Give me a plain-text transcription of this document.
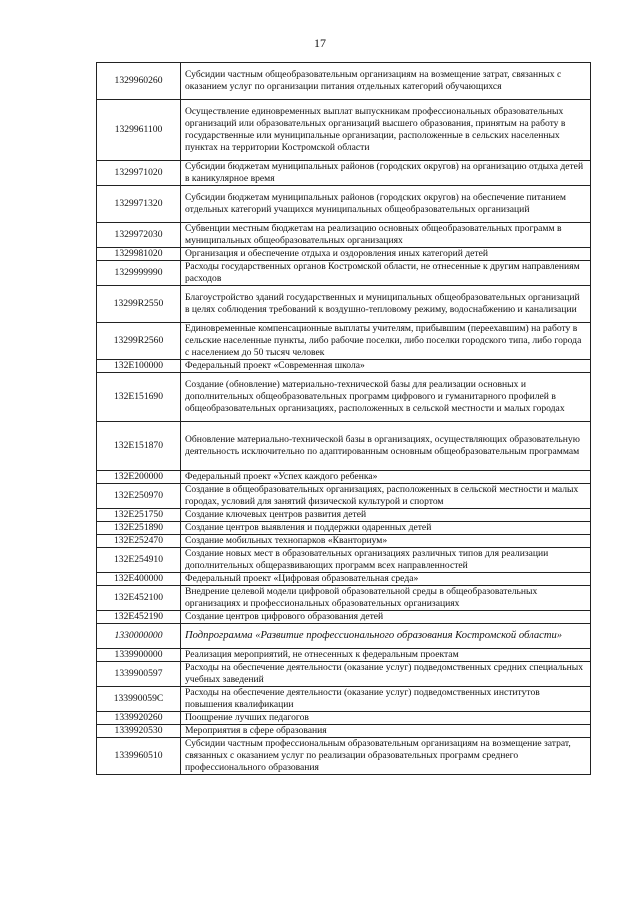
17
1329960260	Субсидии частным общеобразовательным организациям на возмещение затрат, связанных с оказанием услуг по организации питания отдельных категорий обучающихся
1329961100	Осуществление единовременных выплат выпускникам профессиональных образовательных организаций или образовательных организаций высшего образования, принятым на работу в государственные или муниципальные организации, расположенные в сельских населенных пунктах на территории Костромской области
1329971020	Субсидии бюджетам муниципальных районов (городских округов) на организацию отдыха детей в каникулярное время
1329971320	Субсидии бюджетам муниципальных районов (городских округов) на обеспечение питанием отдельных категорий учащихся муниципальных общеобразовательных организаций
1329972030	Субвенции местным бюджетам на реализацию основных общеобразовательных программ в муниципальных общеобразовательных организациях
1329981020	Организация и обеспечение отдыха и оздоровления иных категорий детей
1329999990	Расходы государственных органов Костромской области, не отнесенные к другим направлениям расходов
13299R2550	Благоустройство зданий государственных и муниципальных общеобразовательных организаций в целях соблюдения требований к воздушно-тепловому режиму, водоснабжению и канализации
13299R2560	Единовременные компенсационные выплаты учителям, прибывшим (переехавшим) на работу в сельские населенные пункты, либо рабочие поселки, либо поселки городского типа, либо города с населением до 50 тысяч человек
132E100000	Федеральный проект «Современная школа»
132E151690	Создание (обновление) материально-технической базы для реализации основных и дополнительных общеобразовательных программ цифрового и гуманитарного профилей в общеобразовательных организациях, расположенных в сельской местности и малых городах
132E151870	Обновление материально-технической базы в организациях, осуществляющих образовательную деятельность исключительно по адаптированным основным общеобразовательным программам
132E200000	Федеральный проект «Успех каждого ребенка»
132E250970	Создание в общеобразовательных организациях, расположенных в сельской местности и малых городах, условий для занятий физической культурой и спортом
132E251750	Создание ключевых центров развития детей
132E251890	Создание центров выявления и поддержки одаренных детей
132E252470	Создание мобильных технопарков «Кванториум»
132E254910	Создание новых мест в образовательных организациях различных типов для реализации дополнительных общеразвивающих программ всех направленностей
132E400000	Федеральный проект «Цифровая образовательная среда»
132E452100	Внедрение целевой модели цифровой образовательной среды в общеобразовательных организациях и профессиональных образовательных организациях
132E452190	Создание центров цифрового образования детей
1330000000	Подпрограмма «Развитие профессионального образования Костромской области»
1339900000	Реализация мероприятий, не отнесенных к федеральным проектам
1339900597	Расходы на обеспечение деятельности (оказание услуг) подведомственных средних специальных учебных заведений
133990059C	Расходы на обеспечение деятельности (оказание услуг) подведомственных институтов повышения квалификации
1339920260	Поощрение лучших педагогов
1339920530	Мероприятия в сфере образования
1339960510	Субсидии частным профессиональным образовательным организациям на возмещение затрат, связанных с оказанием услуг по реализации образовательных программ среднего профессионального образования
